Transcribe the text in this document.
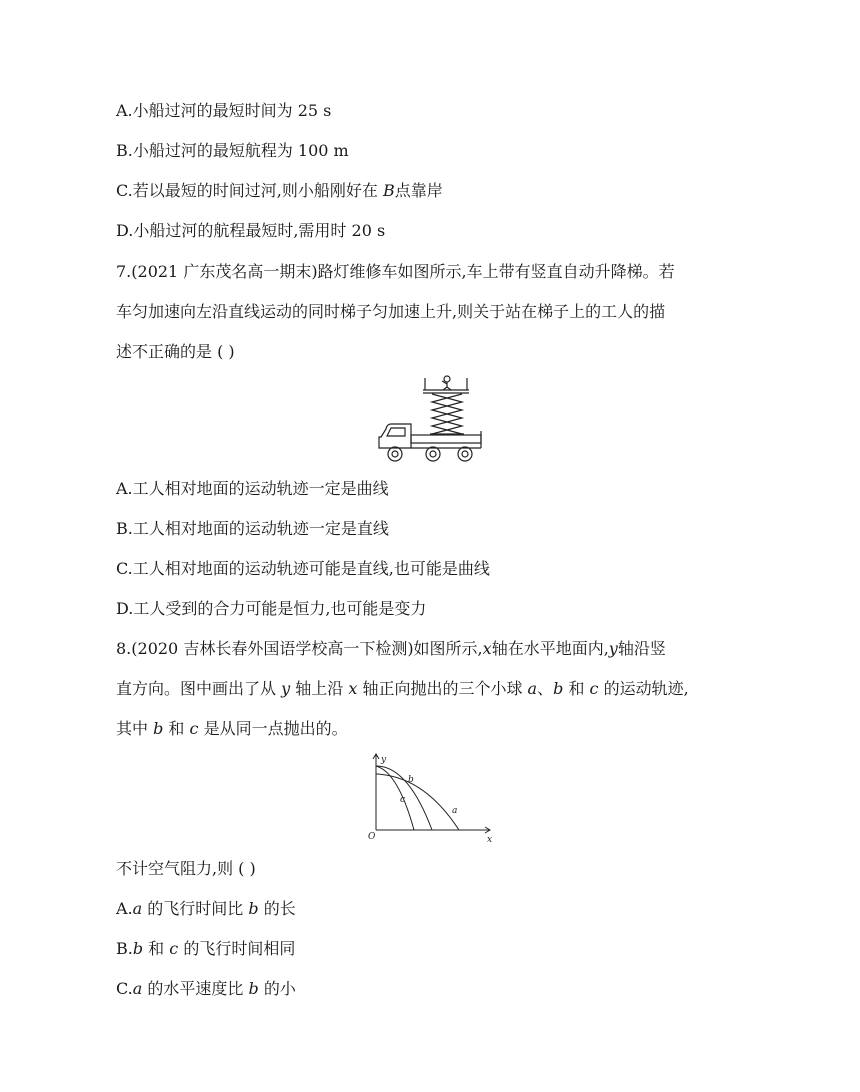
A.小船过河的最短时间为 25 s
B.小船过河的最短航程为 100 m
C.若以最短的时间过河,则小船刚好在 B点靠岸
D.小船过河的航程最短时,需用时 20 s
7.(2021 广东茂名高一期末)路灯维修车如图所示,车上带有竖直自动升降梯。若
车匀加速向左沿直线运动的同时梯子匀加速上升,则关于站在梯子上的工人的描
述不正确的是 ( )
A.工人相对地面的运动轨迹一定是曲线
B.工人相对地面的运动轨迹一定是直线
C.工人相对地面的运动轨迹可能是直线,也可能是曲线
D.工人受到的合力可能是恒力,也可能是变力
8.(2020 吉林长春外国语学校高一下检测)如图所示,x轴在水平地面内,y轴沿竖
直方向。图中画出了从 y 轴上沿 x 轴正向抛出的三个小球 a、b 和 c 的运动轨迹,
其中 b 和 c 是从同一点抛出的。
y
x
O
a
b
c
不计空气阻力,则 ( )
A.a 的飞行时间比 b 的长
B.b 和 c 的飞行时间相同
C.a 的水平速度比 b 的小
